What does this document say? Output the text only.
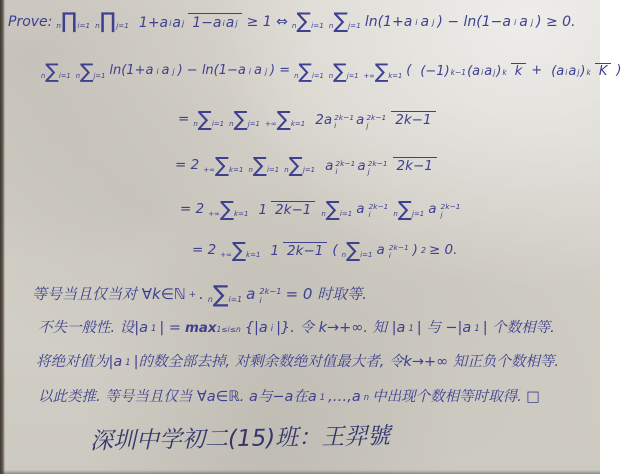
Prove: n∏i=1 n∏j=1 1+a i a j 1−a i a j ≥ 1 ⇔ n∑i=1 n∑j=1 ln(1+a i a j ) − ln(1−a i a j ) ≥ 0.
n∑i=1 n∑j=1 ln(1+a i a j ) − ln(1−a i a j ) = n∑i=1 n∑j=1 +∞∑k=1 ( (−1) k−1 (a i a j ) k k + (a i a j ) k K )
= n∑i=1 n∑j=1 +∞∑k=1 2a 2k−1
i a 2k−1
j 2k−1
= 2 +∞∑k=1 n∑i=1 n∑j=1 a 2k−1
i a 2k−1
j 2k−1
= 2 +∞∑k=1 1 2k−1 n∑i=1 a 2k−1
i	n∑j=1 a 2k−1
j
= 2 +∞∑k=1 1 2k−1 ( n∑i=1 a 2k−1
i ) 2 ≥ 0.
等号当且仅当对 ∀k∈ℕ + . n∑i=1 a 2k−1
i = 0 时取等.
不失一般性. 设|a 1 | = max1≤i≤n {|a i |}. 令 k→+∞. 知 |a 1 | 与 −|a 1 | 个数相等.
将绝对值为|a 1 |的数全部去掉, 对剩余数绝对值最大者, 令k→+∞ 知正负个数相等.
以此类推. 等号当且仅当 ∀a∈ℝ. a与−a在a 1 ,…,a n 中出现个数相等时取得. □
深圳中学初二(15)班：王羿號
